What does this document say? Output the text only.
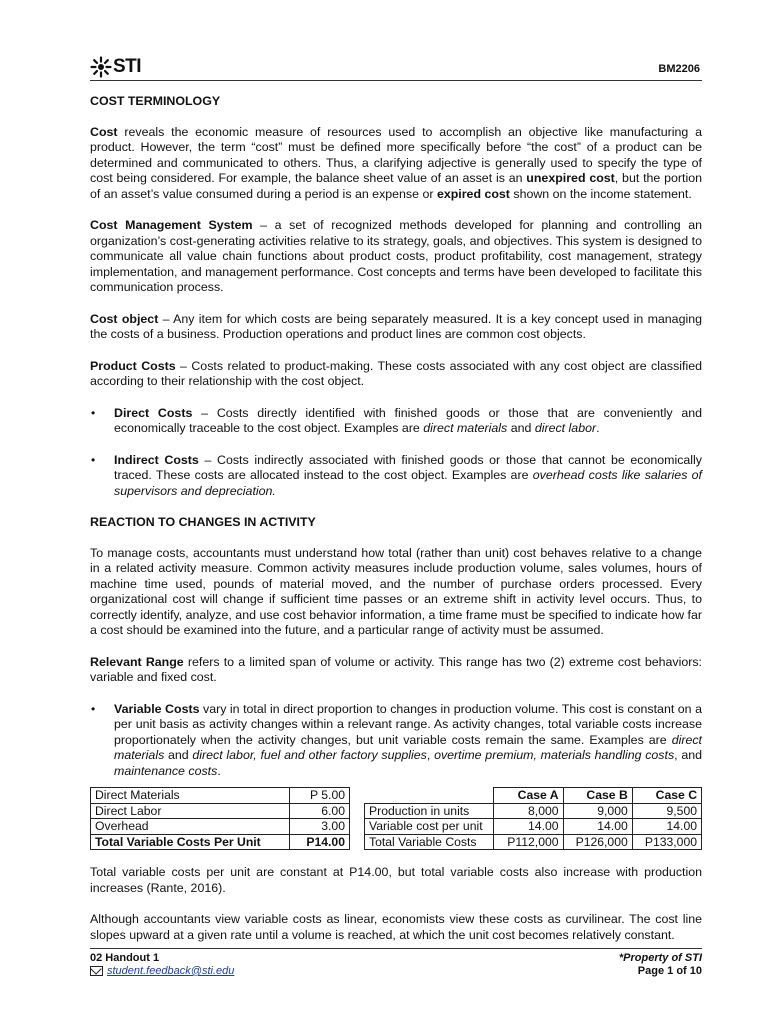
STI	BM2206
COST TERMINOLOGY

Cost reveals the economic measure of resources used to accomplish an objective like manufacturing a product. However, the term “cost” must be defined more specifically before “the cost” of a product can be determined and communicated to others. Thus, a clarifying adjective is generally used to specify the type of cost being considered. For example, the balance sheet value of an asset is an unexpired cost, but the portion of an asset’s value consumed during a period is an expense or expired cost shown on the income statement.

Cost Management System – a set of recognized methods developed for planning and controlling an organization’s cost-generating activities relative to its strategy, goals, and objectives. This system is designed to communicate all value chain functions about product costs, product profitability, cost management, strategy implementation, and management performance. Cost concepts and terms have been developed to facilitate this communication process.

Cost object – Any item for which costs are being separately measured. It is a key concept used in managing the costs of a business. Production operations and product lines are common cost objects.

Product Costs – Costs related to product-making. These costs associated with any cost object are classified according to their relationship with the cost object.

• Direct Costs – Costs directly identified with finished goods or those that are conveniently and economically traceable to the cost object. Examples are direct materials and direct labor.
• Indirect Costs – Costs indirectly associated with finished goods or those that cannot be economically traced. These costs are allocated instead to the cost object. Examples are overhead costs like salaries of supervisors and depreciation.
REACTION TO CHANGES IN ACTIVITY

To manage costs, accountants must understand how total (rather than unit) cost behaves relative to a change in a related activity measure. Common activity measures include production volume, sales volumes, hours of machine time used, pounds of material moved, and the number of purchase orders processed. Every organizational cost will change if sufficient time passes or an extreme shift in activity level occurs. Thus, to correctly identify, analyze, and use cost behavior information, a time frame must be specified to indicate how far a cost should be examined into the future, and a particular range of activity must be assumed.

Relevant Range refers to a limited span of volume or activity. This range has two (2) extreme cost behaviors: variable and fixed cost.

• Variable Costs vary in total in direct proportion to changes in production volume. This cost is constant on a per unit basis as activity changes within a relevant range. As activity changes, total variable costs increase proportionately when the activity changes, but unit variable costs remain the same. Examples are direct materials and direct labor, fuel and other factory supplies, overtime premium, materials handling costs, and maintenance costs.
Direct Materials	P 5.00
Direct Labor	6.00
Overhead	3.00
Total Variable Costs Per Unit	P14.00
	Case A	Case B	Case C
Production in units	8,000	9,000	9,500
Variable cost per unit	14.00	14.00	14.00
Total Variable Costs	P112,000	P126,000	P133,000

Total variable costs per unit are constant at P14.00, but total variable costs also increase with production increases (Rante, 2016).

Although accountants view variable costs as linear, economists view these costs as curvilinear. The cost line slopes upward at a given rate until a volume is reached, at which the unit cost becomes relatively constant.

02 Handout 1
student.feedback@sti.edu
*Property of STI
Page 1 of 10
